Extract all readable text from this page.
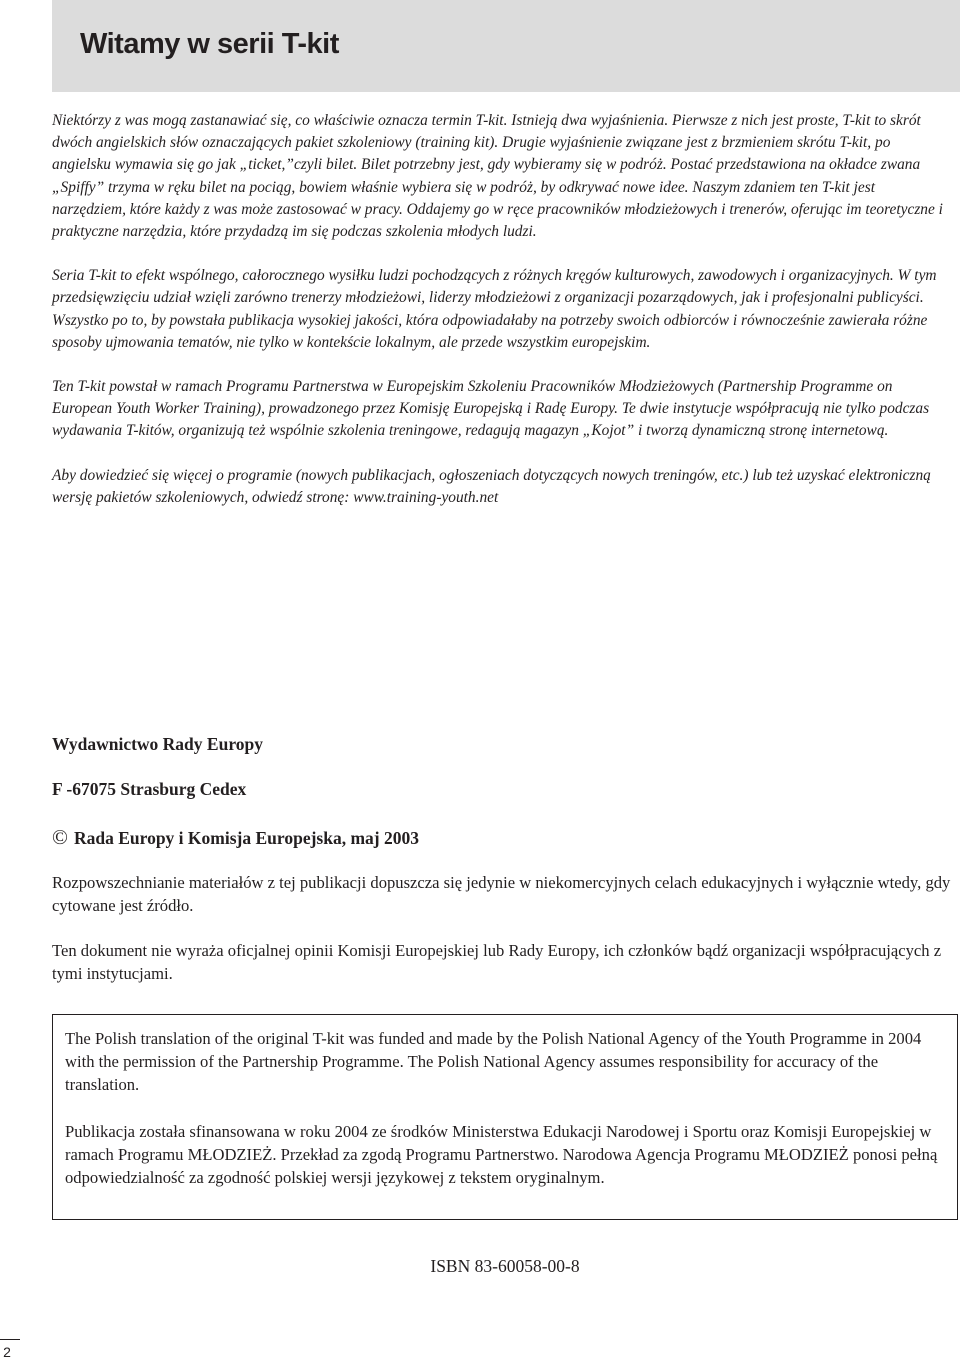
Witamy w serii T-kit

Niektórzy z was mogą zastanawiać się, co właściwie oznacza termin T-kit. Istnieją dwa wyjaśnienia. Pierwsze z nich jest proste, T-kit to skrót dwóch angielskich słów oznaczających pakiet szkoleniowy (training kit). Drugie wyjaśnienie związane jest z brzmieniem skrótu T-kit, po angielsku wymawia się go jak „ticket,”czyli bilet. Bilet potrzebny jest, gdy wybieramy się w podróż. Postać przedstawiona na okładce zwana „Spiffy” trzyma w ręku bilet na pociąg, bowiem właśnie wybiera się w podróż, by odkrywać nowe idee. Naszym zdaniem ten T-kit jest narzędziem, które każdy z was może zastosować w pracy. Oddajemy go w ręce pracowników młodzieżowych i trenerów, oferując im teoretyczne i praktyczne narzędzia, które przydadzą im się podczas szkolenia młodych ludzi.

Seria T-kit to efekt wspólnego, całorocznego wysiłku ludzi pochodzących z różnych kręgów kulturowych, zawodowych i organizacyjnych. W tym przedsięwzięciu udział wzięli zarówno trenerzy młodzieżowi, liderzy młodzieżowi z organizacji pozarządowych, jak i profesjonalni publicyści. Wszystko po to, by powstała publikacja wysokiej jakości, która odpowiadałaby na potrzeby swoich odbiorców i równocześnie zawierała różne sposoby ujmowania tematów, nie tylko w kontekście lokalnym, ale przede wszystkim europejskim.

Ten T-kit powstał w ramach Programu Partnerstwa w Europejskim Szkoleniu Pracowników Młodzieżowych (Partnership Programme on European Youth Worker Training), prowadzonego przez Komisję Europejską i Radę Europy. Te dwie instytucje współpracują nie tylko podczas wydawania T-kitów, organizują też wspólnie szkolenia treningowe, redagują magazyn „Kojot” i tworzą dynamiczną stronę internetową.

Aby dowiedzieć się więcej o programie (nowych publikacjach, ogłoszeniach dotyczących nowych treningów, etc.) lub też uzyskać elektroniczną wersję pakietów szkoleniowych, odwiedź stronę: www.training-youth.net

Wydawnictwo Rady Europy

F -67075 Strasburg Cedex

© Rada Europy i Komisja Europejska, maj 2003

Rozpowszechnianie materiałów z tej publikacji dopuszcza się jedynie w niekomercyjnych celach edukacyjnych i wyłącznie wtedy, gdy cytowane jest źródło.

Ten dokument nie wyraża oficjalnej opinii Komisji Europejskiej lub Rady Europy, ich członków bądź organizacji współpracujących z tymi instytucjami.

The Polish translation of the original T-kit was funded and made by the Polish National Agency of the Youth Programme in 2004 with the permission of the Partnership Programme. The Polish National Agency assumes responsibility for accuracy of the translation.

Publikacja została sfinansowana w roku 2004 ze środków Ministerstwa Edukacji Narodowej i Sportu oraz Komisji Europejskiej w ramach Programu MŁODZIEŻ. Przekład za zgodą Programu Partnerstwo. Narodowa Agencja Programu MŁODZIEŻ ponosi pełną odpowiedzialność za zgodność polskiej wersji językowej z tekstem oryginalnym.

ISBN 83-60058-00-8
2
